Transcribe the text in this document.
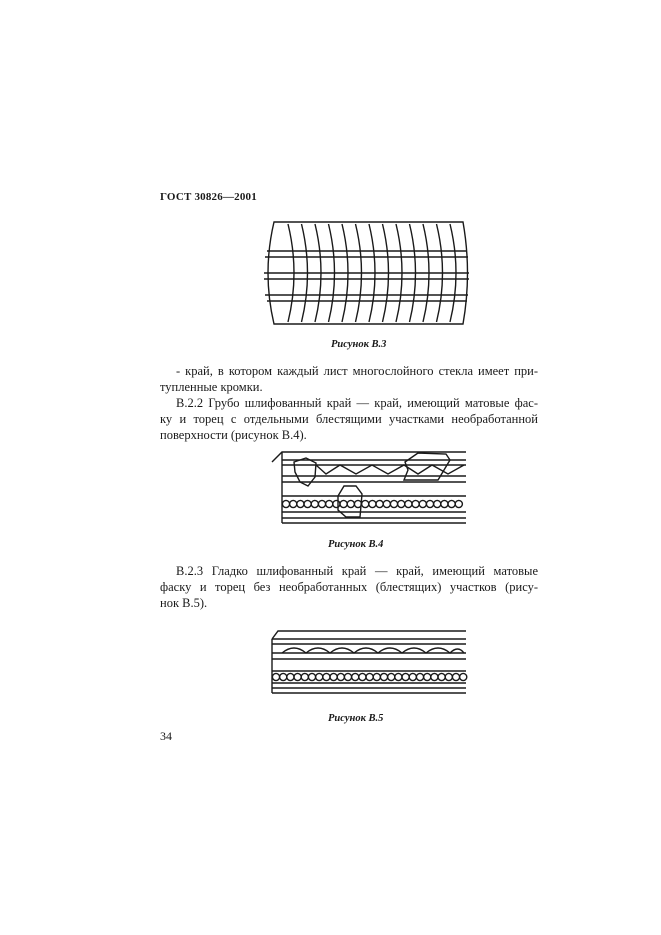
ГОСТ 30826—2001
Рисунок В.3
- край, в котором каждый лист многослойного стекла имеет при-
тупленные кромки.
В.2.2 Грубо шлифованный край — край, имеющий матовые фас-
ку и торец с отдельными блестящими участками необработанной
поверхности (рисунок В.4).
Рисунок В.4
В.2.3 Гладко шлифованный край — край, имеющий матовые
фаску и торец без необработанных (блестящих) участков (рису-
нок В.5).
Рисунок В.5
34
